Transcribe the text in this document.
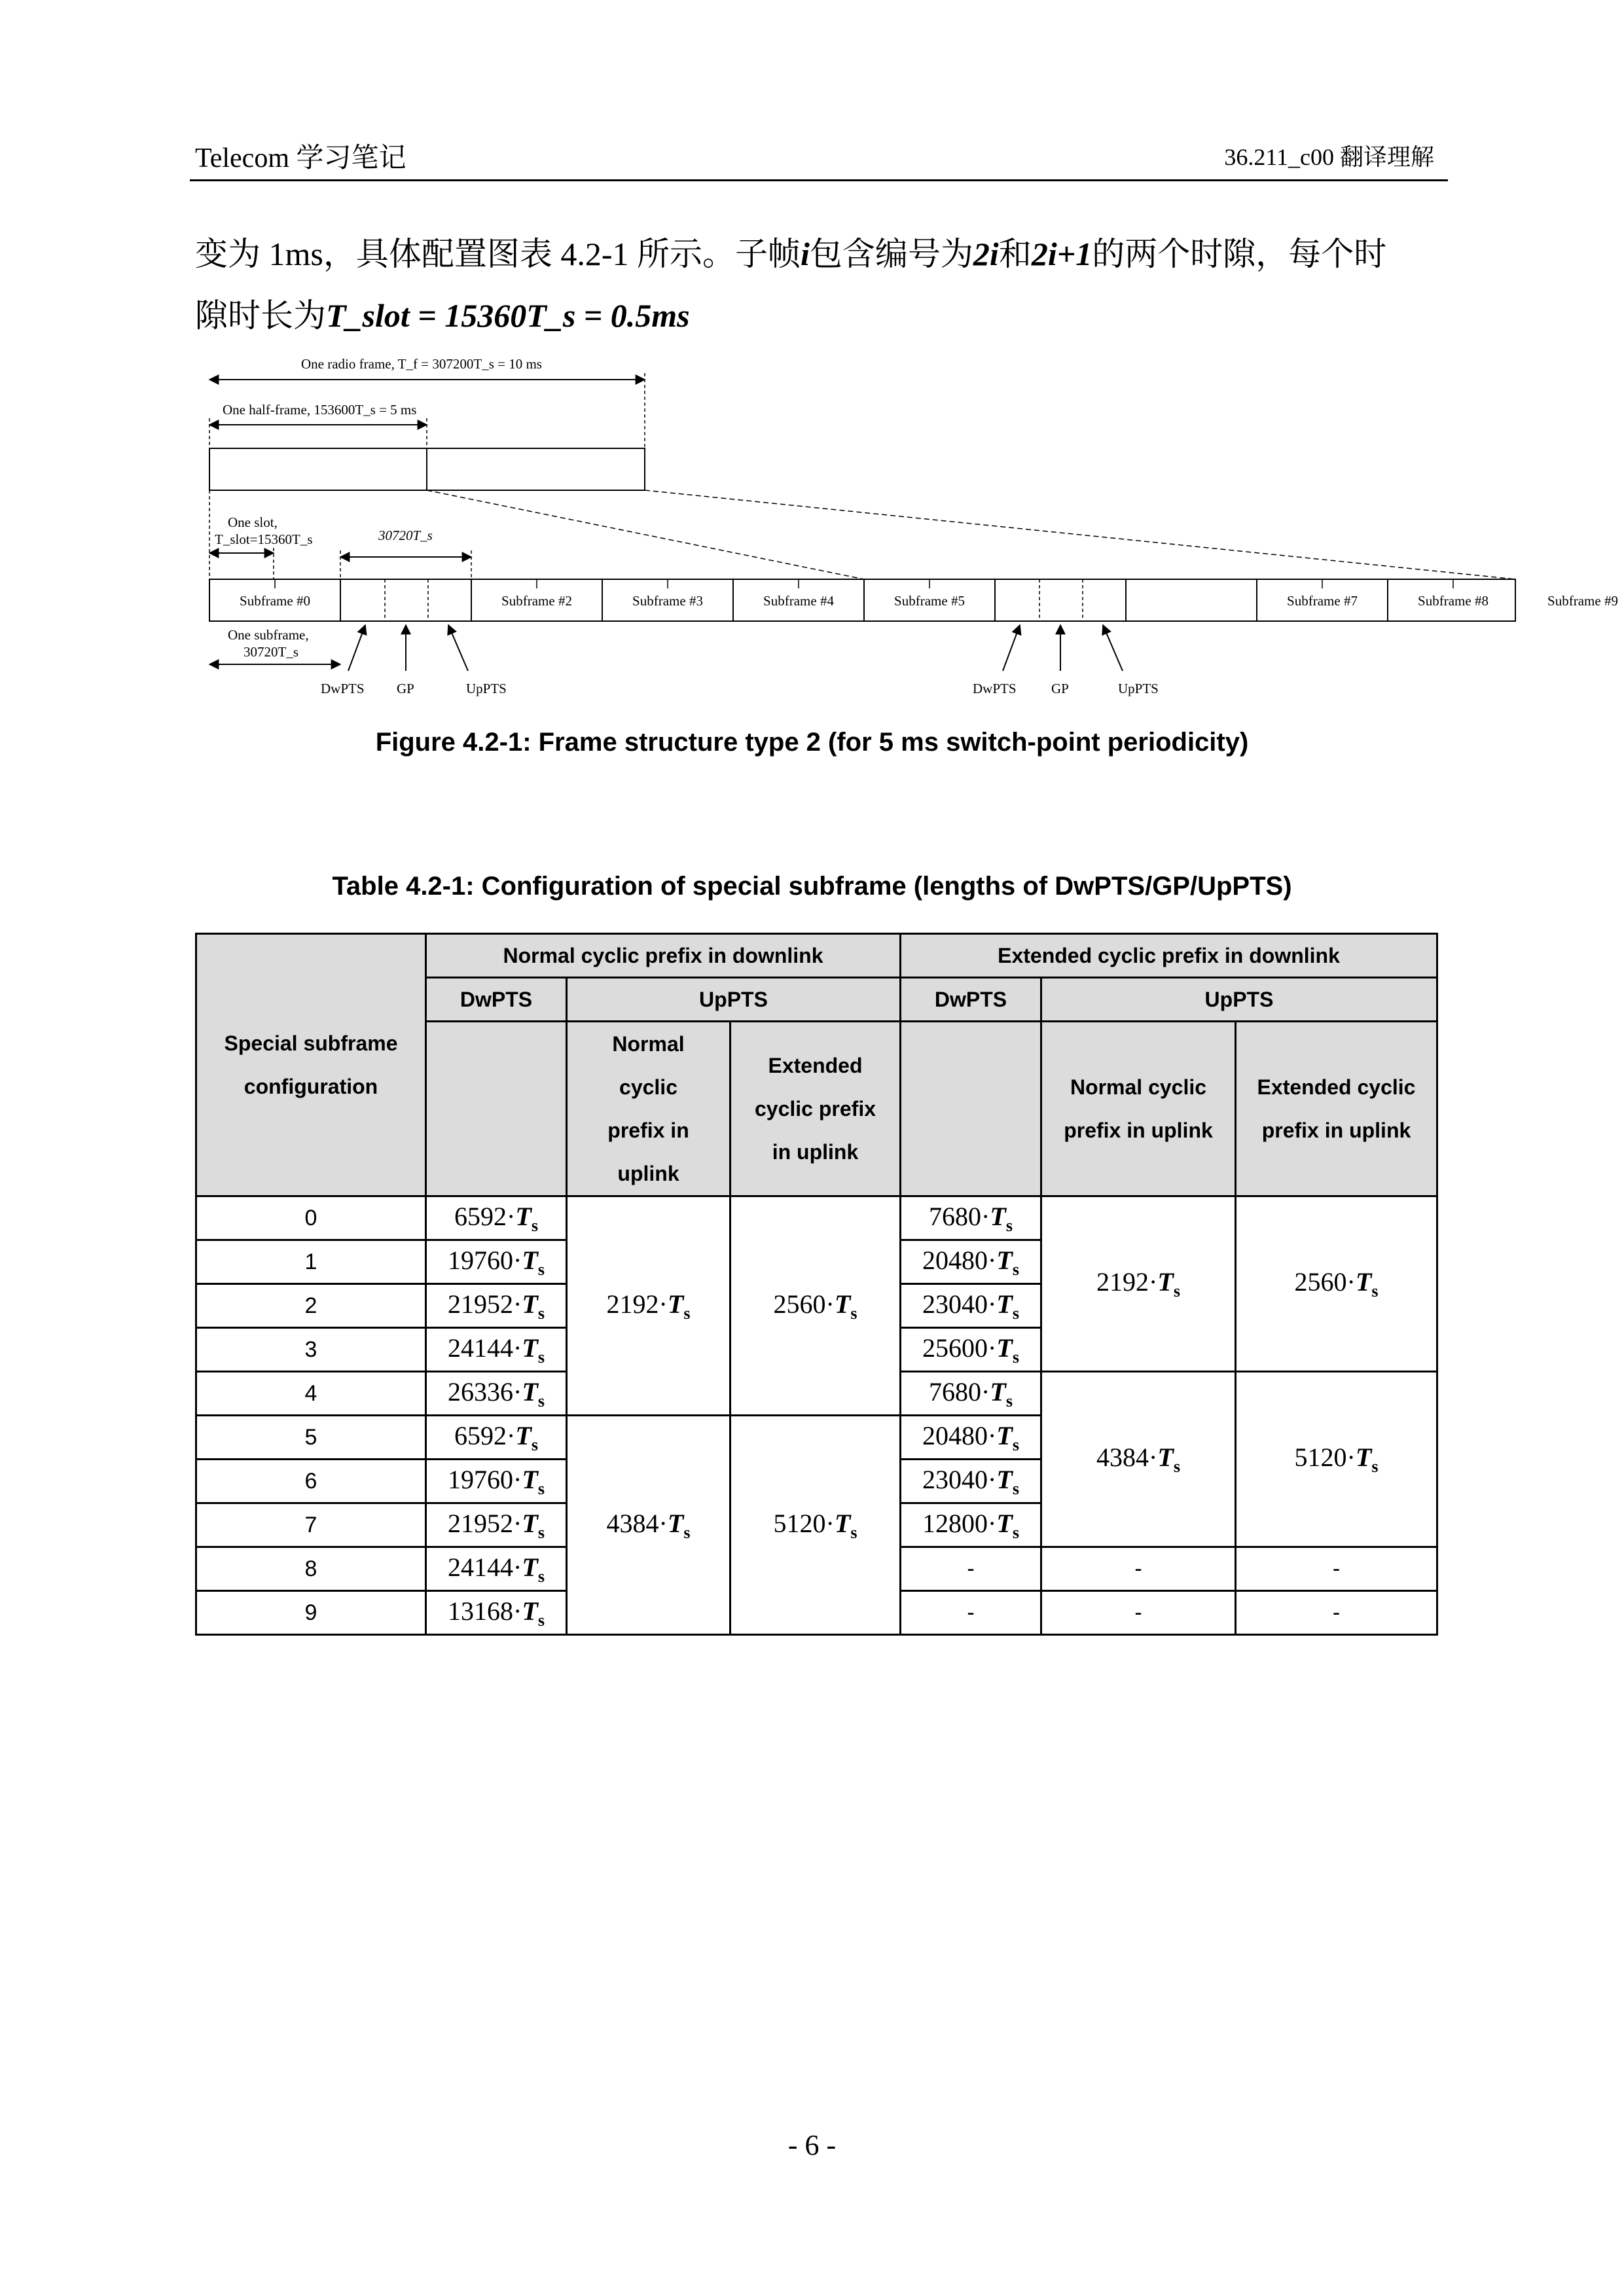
Telecom 学习笔记	36.211_c00 翻译理解
变为 1ms，具体配置图表 4.2-1 所示。子帧i包含编号为2i和2i+1的两个时隙，每个时
隙时长为T_slot = 15360T_s = 0.5ms
One radio frame, T_f = 307200T_s = 10 ms
One half-frame, 153600T_s = 5 ms
One slot,
T_slot=15360T_s	30720T_s
Subframe #0	Subframe #2	Subframe #3	Subframe #4	Subframe #5	Subframe #7	Subframe #8	Subframe #9
One subframe,
30720T_s
DwPTS GP	UpPTS	DwPTS	GP	UpPTS
Figure 4.2-1: Frame structure type 2 (for 5 ms switch-point periodicity)
Table 4.2-1: Configuration of special subframe (lengths of DwPTS/GP/UpPTS)
Special subframe configuration	Normal cyclic prefix in downlink			Extended cyclic prefix in downlink		
	DwPTS	UpPTS		DwPTS	UpPTS	

		Normal cyclic prefix in uplink	Extended cyclic prefix in uplink		Normal cyclic prefix in uplink	Extended cyclic prefix in uplink

0	$6592\cdot T_s$	$2192\cdot T_s$	$2560\cdot T_s$	$7680\cdot T_s$	$2192\cdot T_s$	$2560\cdot T_s$
1	$19760\cdot T_s$			$20480\cdot T_s$
2	$21952\cdot T_s$			$23040\cdot T_s$
3	$24144\cdot T_s$			$25600\cdot T_s$
4	$26336\cdot T_s$			$7680\cdot T_s$	$4384\cdot T_s$	$5120\cdot T_s$
5	$6592\cdot T_s$	$4384\cdot T_s$	$5120\cdot T_s$	$20480\cdot T_s$
6	$19760\cdot T_s$			$23040\cdot T_s$
7	$21952\cdot T_s$			$12800\cdot T_s$
8	$24144\cdot T_s$			-	-	-
9	$13168\cdot T_s$			-	-	-
- 6 -
